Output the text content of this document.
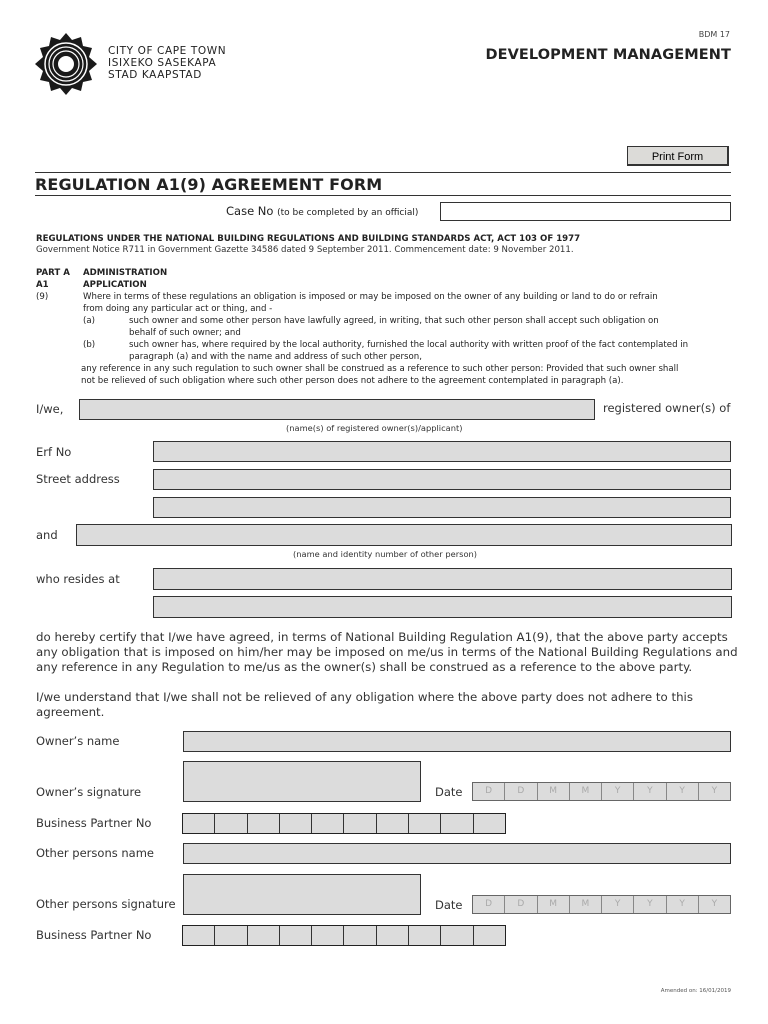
CITY OF CAPE TOWN
ISIXEKO SASEKAPA
STAD KAAPSTAD
BDM 17
DEVELOPMENT MANAGEMENT
Print Form
REGULATION A1(9) AGREEMENT FORM
Case No (to be completed by an official)
REGULATIONS UNDER THE NATIONAL BUILDING REGULATIONS AND BUILDING STANDARDS ACT, ACT 103 OF 1977
Government Notice R711 in Government Gazette 34586 dated 9 September 2011. Commencement date: 9 November 2011.
PART A ADMINISTRATION
A1	APPLICATION
(9)	Where in terms of these regulations an obligation is imposed or may be imposed on the owner of any building or land to do or refrain
from doing any particular act or thing, and -
(a)	such owner and some other person have lawfully agreed, in writing, that such other person shall accept such obligation on
behalf of such owner; and
(b)	such owner has, where required by the local authority, furnished the local authority with written proof of the fact contemplated in
paragraph (a) and with the name and address of such other person,
any reference in any such regulation to such owner shall be construed as a reference to such other person: Provided that such owner shall
not be relieved of such obligation where such other person does not adhere to the agreement contemplated in paragraph (a).
I/we,	registered owner(s) of
(name(s) of registered owner(s)/applicant)
Erf No
Street address
and
(name and identity number of other person)
who resides at
do hereby certify that I/we have agreed, in terms of National Building Regulation A1(9), that the above party accepts
any obligation that is imposed on him/her may be imposed on me/us in terms of the National Building Regulations and
any reference in any Regulation to me/us as the owner(s) shall be construed as a reference to the above party.
I/we understand that I/we shall not be relieved of any obligation where the above party does not adhere to this
agreement.
Owner’s name
Owner’s signature	Date	D	D	M	M	Y	Y	Y	Y
Business Partner No
Other persons name
Other persons signature	Date	D	D	M	M	Y	Y	Y	Y
Business Partner No
Amended on: 16/01/2019
